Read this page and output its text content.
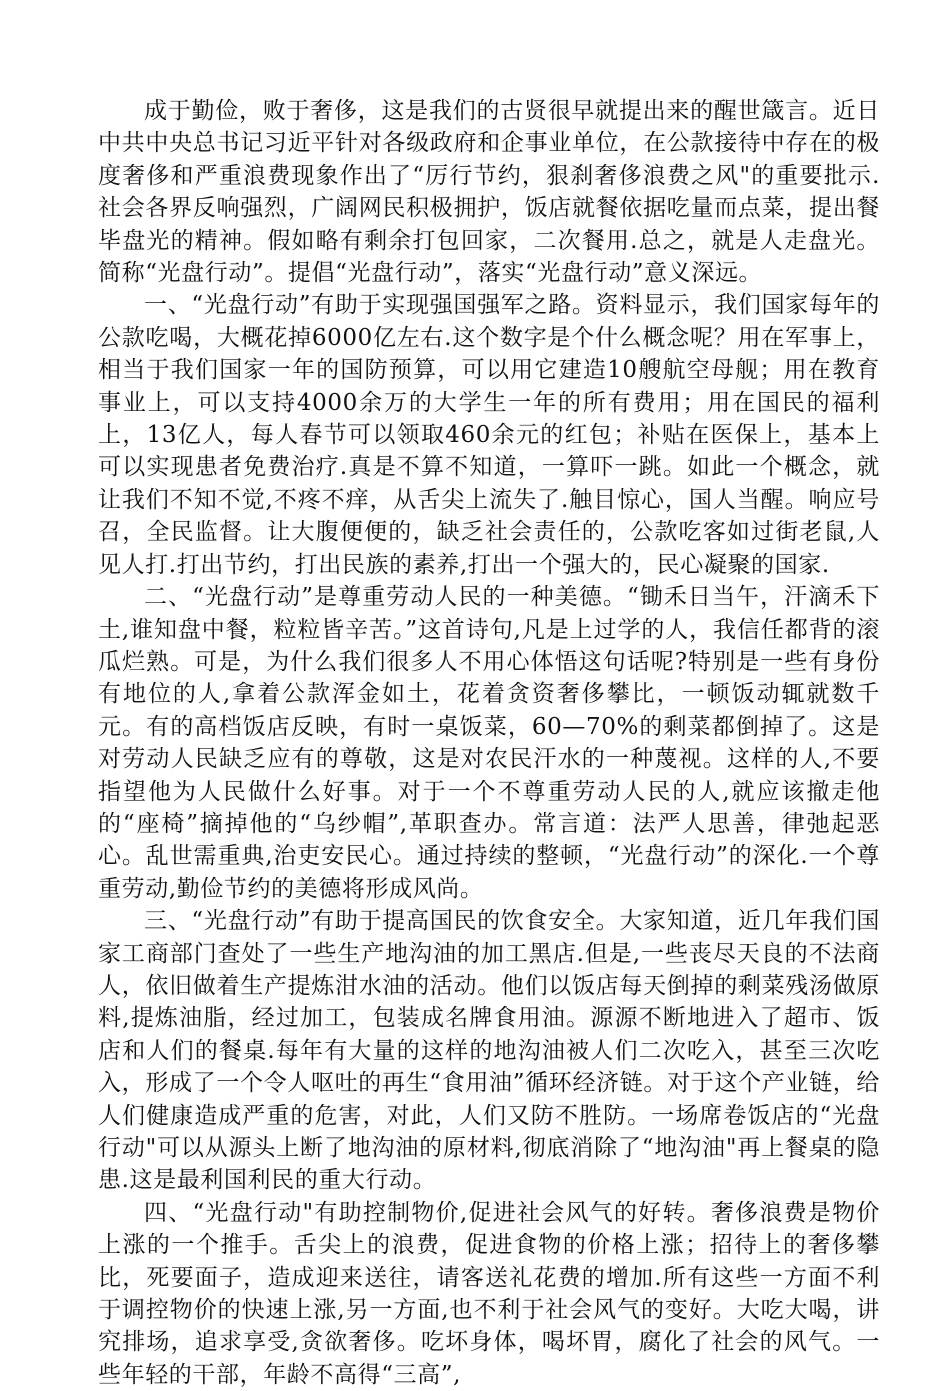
成于勤俭，败于奢侈，这是我们的古贤很早就提出来的醒世箴言。近日中共中央总书记习近平针对各级政府和企事业单位，在公款接待中存在的极度奢侈和严重浪费现象作出了“厉行节约，狠刹奢侈浪费之风"的重要批示.社会各界反响强烈，广阔网民积极拥护，饭店就餐依据吃量而点菜，提出餐毕盘光的精神。假如略有剩余打包回家，二次餐用.总之，就是人走盘光。简称“光盘行动”。提倡“光盘行动”，落实“光盘行动”意义深远。

一、“光盘行动”有助于实现强国强军之路。资料显示，我们国家每年的公款吃喝，大概花掉6000亿左右.这个数字是个什么概念呢？用在军事上，相当于我们国家一年的国防预算，可以用它建造10艘航空母舰；用在教育事业上，可以支持4000余万的大学生一年的所有费用；用在国民的福利上，13亿人，每人春节可以领取460余元的红包；补贴在医保上，基本上可以实现患者免费治疗.真是不算不知道，一算吓一跳。如此一个概念，就让我们不知不觉,不疼不痒，从舌尖上流失了.触目惊心，国人当醒。响应号召，全民监督。让大腹便便的，缺乏社会责任的，公款吃客如过街老鼠,人见人打.打出节约，打出民族的素养,打出一个强大的，民心凝聚的国家.

二、“光盘行动”是尊重劳动人民的一种美德。“锄禾日当午，汗滴禾下土,谁知盘中餐，粒粒皆辛苦。”这首诗句,凡是上过学的人，我信任都背的滚瓜烂熟。可是，为什么我们很多人不用心体悟这句话呢?特别是一些有身份有地位的人,拿着公款浑金如土，花着贪资奢侈攀比，一顿饭动辄就数千元。有的高档饭店反映，有时一桌饭菜，60—70%的剩菜都倒掉了。这是对劳动人民缺乏应有的尊敬，这是对农民汗水的一种蔑视。这样的人,不要指望他为人民做什么好事。对于一个不尊重劳动人民的人,就应该撤走他的“座椅”摘掉他的“乌纱帽”,革职查办。常言道：法严人思善，律弛起恶心。乱世需重典,治吏安民心。通过持续的整顿，“光盘行动”的深化.一个尊重劳动,勤俭节约的美德将形成风尚。

三、“光盘行动”有助于提高国民的饮食安全。大家知道，近几年我们国家工商部门查处了一些生产地沟油的加工黑店.但是,一些丧尽天良的不法商人，依旧做着生产提炼泔水油的活动。他们以饭店每天倒掉的剩菜残汤做原料,提炼油脂，经过加工，包装成名牌食用油。源源不断地进入了超市、饭店和人们的餐桌.每年有大量的这样的地沟油被人们二次吃入，甚至三次吃入，形成了一个令人呕吐的再生“食用油”循环经济链。对于这个产业链，给人们健康造成严重的危害，对此，人们又防不胜防。一场席卷饭店的“光盘行动"可以从源头上断了地沟油的原材料,彻底消除了“地沟油"再上餐桌的隐患.这是最利国利民的重大行动。

四、“光盘行动"有助控制物价,促进社会风气的好转。奢侈浪费是物价上涨的一个推手。舌尖上的浪费，促进食物的价格上涨；招待上的奢侈攀比，死要面子，造成迎来送往，请客送礼花费的增加.所有这些一方面不利于调控物价的快速上涨,另一方面,也不利于社会风气的变好。大吃大喝，讲究排场，追求享受,贪欲奢侈。吃坏身体，喝坏胃，腐化了社会的风气。一些年轻的干部，年龄不高得“三高”,
